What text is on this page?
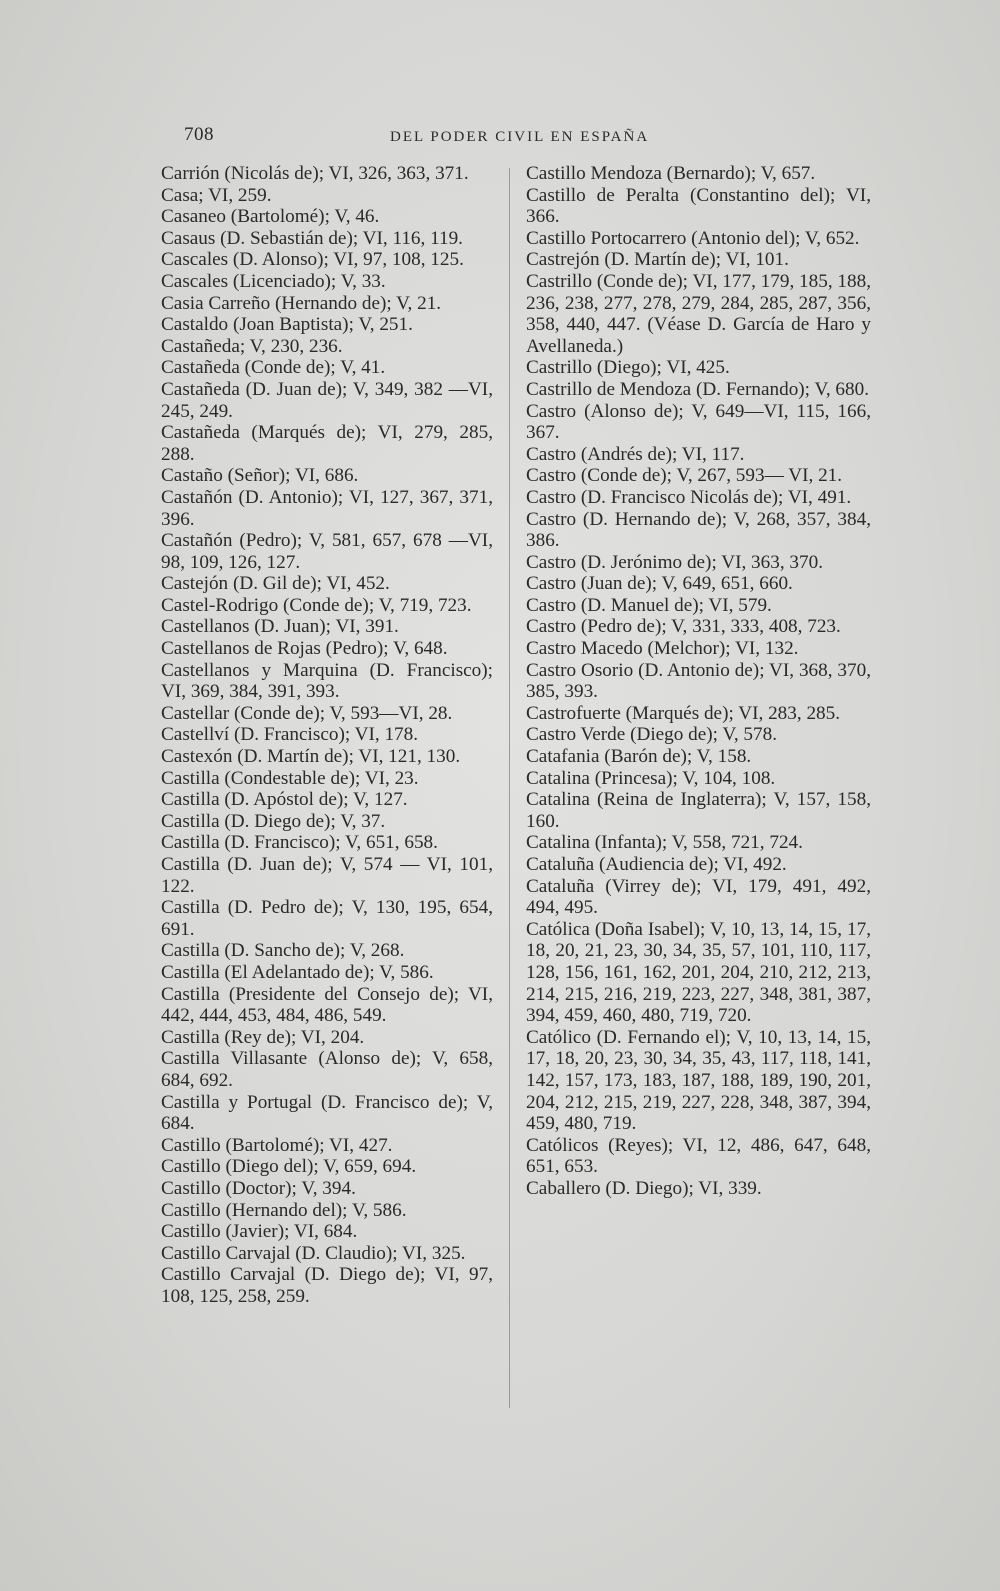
708	DEL PODER CIVIL EN ESPAÑA

Carrión (Nicolás de); VI, 326, 363, 371.

Casa; VI, 259.

Casaneo (Bartolomé); V, 46.

Casaus (D. Sebastián de); VI, 116, 119.

Cascales (D. Alonso); VI, 97, 108, 125.

Cascales (Licenciado); V, 33.

Casia Carreño (Hernando de); V, 21.

Castaldo (Joan Baptista); V, 251.

Castañeda; V, 230, 236.

Castañeda (Conde de); V, 41.

Castañeda (D. Juan de); V, 349, 382 —VI, 245, 249.

Castañeda (Marqués de); VI, 279, 285, 288.

Castaño (Señor); VI, 686.

Castañón (D. Antonio); VI, 127, 367, 371, 396.

Castañón (Pedro); V, 581, 657, 678 —VI, 98, 109, 126, 127.

Castejón (D. Gil de); VI, 452.

Castel-Rodrigo (Conde de); V, 719, 723.

Castellanos (D. Juan); VI, 391.

Castellanos de Rojas (Pedro); V, 648.

Castellanos y Marquina (D. Francisco); VI, 369, 384, 391, 393.

Castellar (Conde de); V, 593—VI, 28.

Castellví (D. Francisco); VI, 178.

Castexón (D. Martín de); VI, 121, 130.

Castilla (Condestable de); VI, 23.

Castilla (D. Apóstol de); V, 127.

Castilla (D. Diego de); V, 37.

Castilla (D. Francisco); V, 651, 658.

Castilla (D. Juan de); V, 574 — VI, 101, 122.

Castilla (D. Pedro de); V, 130, 195, 654, 691.

Castilla (D. Sancho de); V, 268.

Castilla (El Adelantado de); V, 586.

Castilla (Presidente del Consejo de); VI, 442, 444, 453, 484, 486, 549.

Castilla (Rey de); VI, 204.

Castilla Villasante (Alonso de); V, 658, 684, 692.

Castilla y Portugal (D. Francisco de); V, 684.

Castillo (Bartolomé); VI, 427.

Castillo (Diego del); V, 659, 694.

Castillo (Doctor); V, 394.

Castillo (Hernando del); V, 586.

Castillo (Javier); VI, 684.

Castillo Carvajal (D. Claudio); VI, 325.

Castillo Carvajal (D. Diego de); VI, 97, 108, 125, 258, 259.

Castillo Mendoza (Bernardo); V, 657.

Castillo de Peralta (Constantino del); VI, 366.

Castillo Portocarrero (Antonio del); V, 652.

Castrejón (D. Martín de); VI, 101.

Castrillo (Conde de); VI, 177, 179, 185, 188, 236, 238, 277, 278, 279, 284, 285, 287, 356, 358, 440, 447. (Véase D. García de Haro y Avellaneda.)

Castrillo (Diego); VI, 425.

Castrillo de Mendoza (D. Fernando); V, 680.

Castro (Alonso de); V, 649—VI, 115, 166, 367.

Castro (Andrés de); VI, 117.

Castro (Conde de); V, 267, 593— VI, 21.

Castro (D. Francisco Nicolás de); VI, 491.

Castro (D. Hernando de); V, 268, 357, 384, 386.

Castro (D. Jerónimo de); VI, 363, 370.

Castro (Juan de); V, 649, 651, 660.

Castro (D. Manuel de); VI, 579.

Castro (Pedro de); V, 331, 333, 408, 723.

Castro Macedo (Melchor); VI, 132.

Castro Osorio (D. Antonio de); VI, 368, 370, 385, 393.

Castrofuerte (Marqués de); VI, 283, 285.

Castro Verde (Diego de); V, 578.

Catafania (Barón de); V, 158.

Catalina (Princesa); V, 104, 108.

Catalina (Reina de Inglaterra); V, 157, 158, 160.

Catalina (Infanta); V, 558, 721, 724.

Cataluña (Audiencia de); VI, 492.

Cataluña (Virrey de); VI, 179, 491, 492, 494, 495.

Católica (Doña Isabel); V, 10, 13, 14, 15, 17, 18, 20, 21, 23, 30, 34, 35, 57, 101, 110, 117, 128, 156, 161, 162, 201, 204, 210, 212, 213, 214, 215, 216, 219, 223, 227, 348, 381, 387, 394, 459, 460, 480, 719, 720.

Católico (D. Fernando el); V, 10, 13, 14, 15, 17, 18, 20, 23, 30, 34, 35, 43, 117, 118, 141, 142, 157, 173, 183, 187, 188, 189, 190, 201, 204, 212, 215, 219, 227, 228, 348, 387, 394, 459, 480, 719.

Católicos (Reyes); VI, 12, 486, 647, 648, 651, 653.

Caballero (D. Diego); VI, 339.
